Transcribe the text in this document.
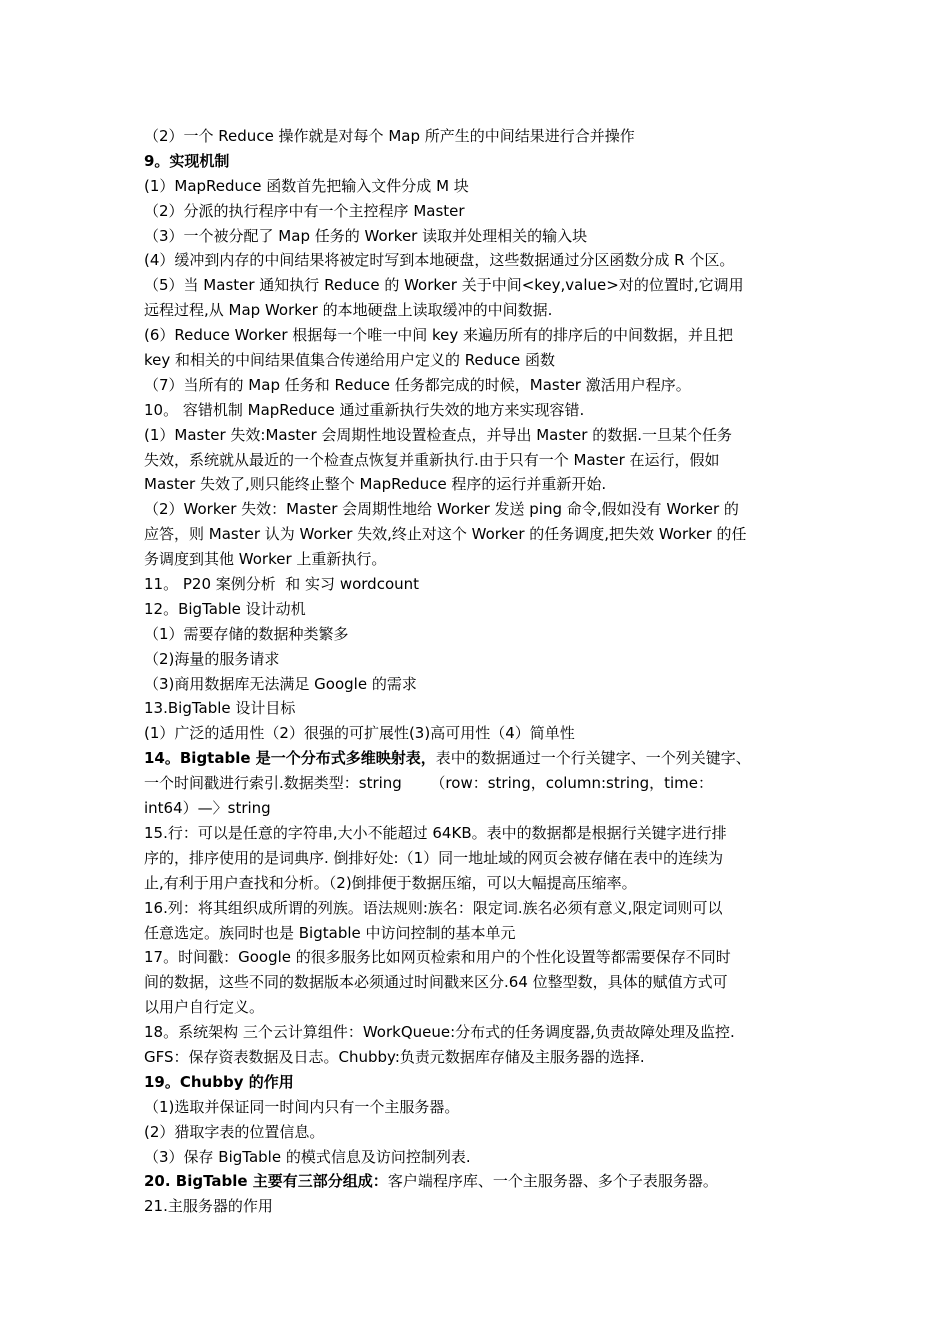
（2）一个 Reduce 操作就是对每个 Map 所产生的中间结果进行合并操作
9。实现机制
(1）MapReduce 函数首先把输入文件分成 M 块
（2）分派的执行程序中有一个主控程序 Master
（3）一个被分配了 Map 任务的 Worker 读取并处理相关的输入块
(4）缓冲到内存的中间结果将被定时写到本地硬盘，这些数据通过分区函数分成 R 个区。
（5）当 Master 通知执行 Reduce 的 Worker 关于中间<key,value>对的位置时,它调用
远程过程,从 Map Worker 的本地硬盘上读取缓冲的中间数据.
(6）Reduce Worker 根据每一个唯一中间 key 来遍历所有的排序后的中间数据，并且把
key 和相关的中间结果值集合传递给用户定义的 Reduce 函数
（7）当所有的 Map 任务和 Reduce 任务都完成的时候，Master 激活用户程序。
10。 容错机制 MapReduce 通过重新执行失效的地方来实现容错.
(1）Master 失效:Master 会周期性地设置检查点，并导出 Master 的数据.一旦某个任务
失效，系统就从最近的一个检查点恢复并重新执行.由于只有一个 Master 在运行，假如
Master 失效了,则只能终止整个 MapReduce 程序的运行并重新开始.
（2）Worker 失效：Master 会周期性地给 Worker 发送 ping 命令,假如没有 Worker 的
应答，则 Master 认为 Worker 失效,终止对这个 Worker 的任务调度,把失效 Worker 的任
务调度到其他 Worker 上重新执行。
11。 P20 案例分析  和 实习 wordcount
12。BigTable 设计动机
（1）需要存储的数据种类繁多
（2)海量的服务请求
（3)商用数据库无法满足 Google 的需求
13.BigTable 设计目标
(1）广泛的适用性（2）很强的可扩展性(3)高可用性（4）简单性
14。Bigtable 是一个分布式多维映射表，表中的数据通过一个行关键字、一个列关键字、
一个时间戳进行索引.数据类型：string      （row：string，column:string，time：
int64）—〉string
15.行：可以是任意的字符串,大小不能超过 64KB。表中的数据都是根据行关键字进行排
序的，排序使用的是词典序. 倒排好处:（1）同一地址域的网页会被存储在表中的连续为
止,有利于用户查找和分析。（2)倒排便于数据压缩，可以大幅提高压缩率。
16.列：将其组织成所谓的列族。语法规则:族名：限定词.族名必须有意义,限定词则可以
任意选定。族同时也是 Bigtable 中访问控制的基本单元
17。时间戳：Google 的很多服务比如网页检索和用户的个性化设置等都需要保存不同时
间的数据，这些不同的数据版本必须通过时间戳来区分.64 位整型数，具体的赋值方式可
以用户自行定义。
18。系统架构 三个云计算组件：WorkQueue:分布式的任务调度器,负责故障处理及监控.
GFS：保存资表数据及日志。Chubby:负责元数据库存储及主服务器的选择.
19。Chubby 的作用
（1)选取并保证同一时间内只有一个主服务器。
(2）猎取字表的位置信息。
（3）保存 BigTable 的模式信息及访问控制列表.
20. BigTable 主要有三部分组成：客户端程序库、一个主服务器、多个子表服务器。
21.主服务器的作用
